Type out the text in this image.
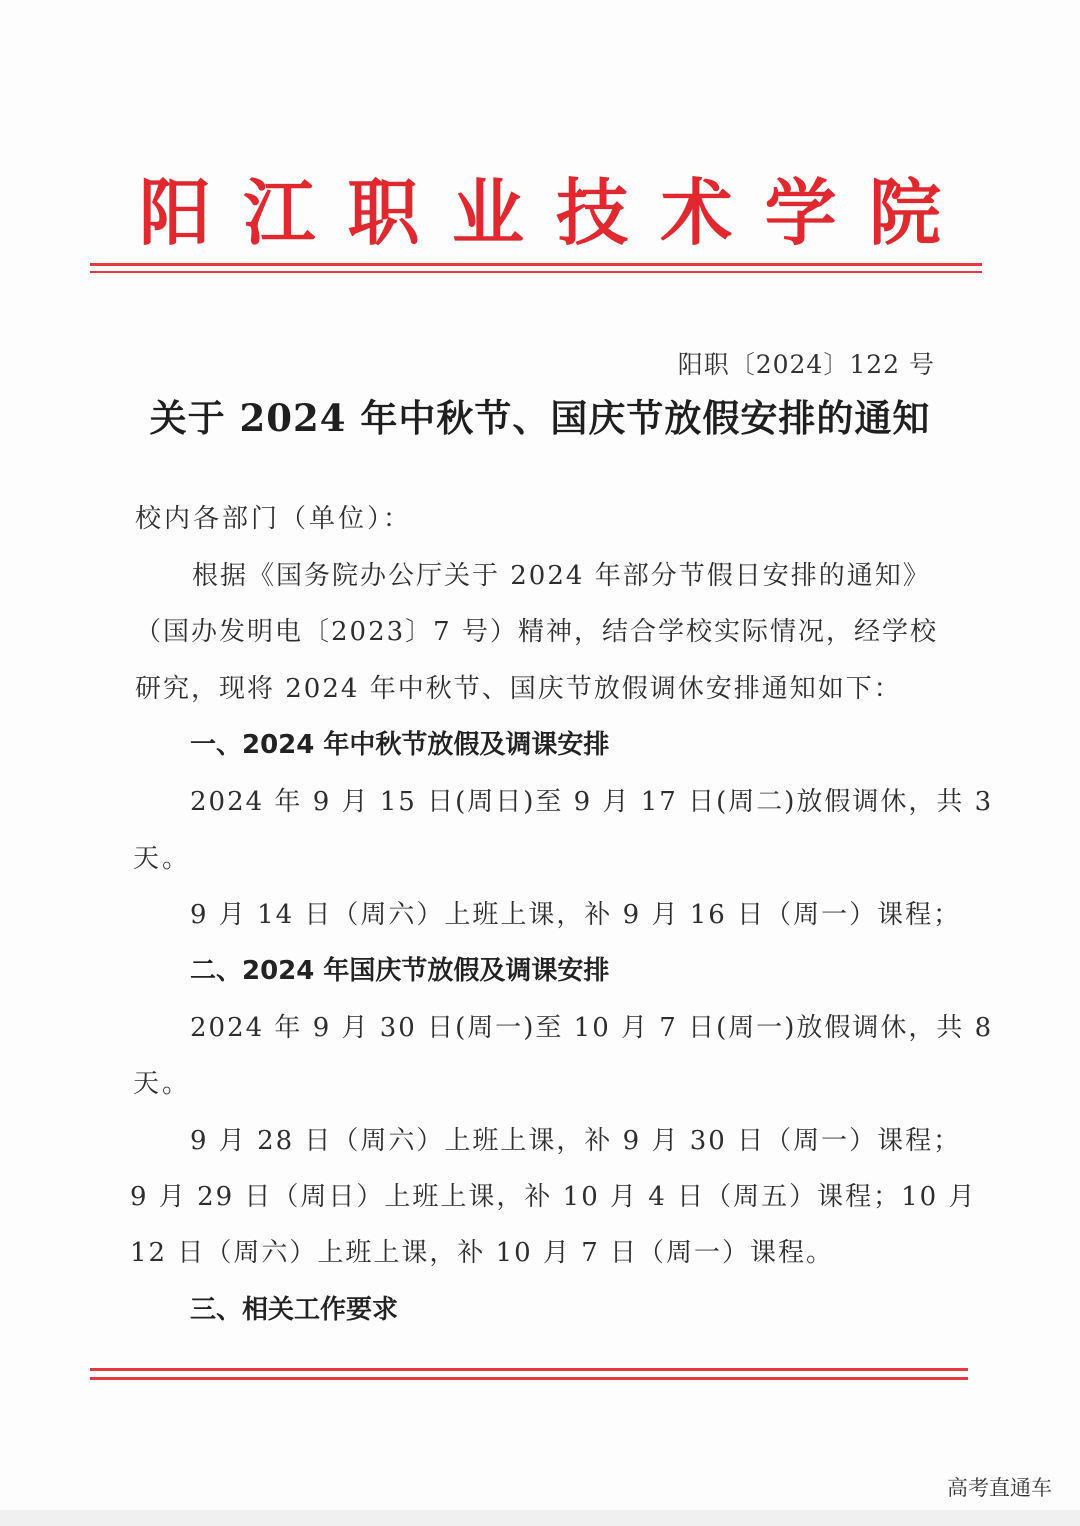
阳 江 职 业 技 术 学 院
阳职〔2024〕122 号
关于 2024 年中秋节、国庆节放假安排的通知
校内各部门（单位）：
根据《国务院办公厅关于 2024 年部分节假日安排的通知》
（国办发明电〔2023〕7 号）精神，结合学校实际情况，经学校
研究，现将 2024 年中秋节、国庆节放假调休安排通知如下：
一、2024 年中秋节放假及调课安排
2024 年 9 月 15 日(周日)至 9 月 17 日(周二)放假调休，共 3
天。
9 月 14 日（周六）上班上课，补 9 月 16 日（周一）课程；
二、2024 年国庆节放假及调课安排
2024 年 9 月 30 日(周一)至 10 月 7 日(周一)放假调休，共 8
天。
9 月 28 日（周六）上班上课，补 9 月 30 日（周一）课程；
9 月 29 日（周日）上班上课，补 10 月 4 日（周五）课程；10 月
12 日（周六）上班上课，补 10 月 7 日（周一）课程。
三、相关工作要求
高考直通车
